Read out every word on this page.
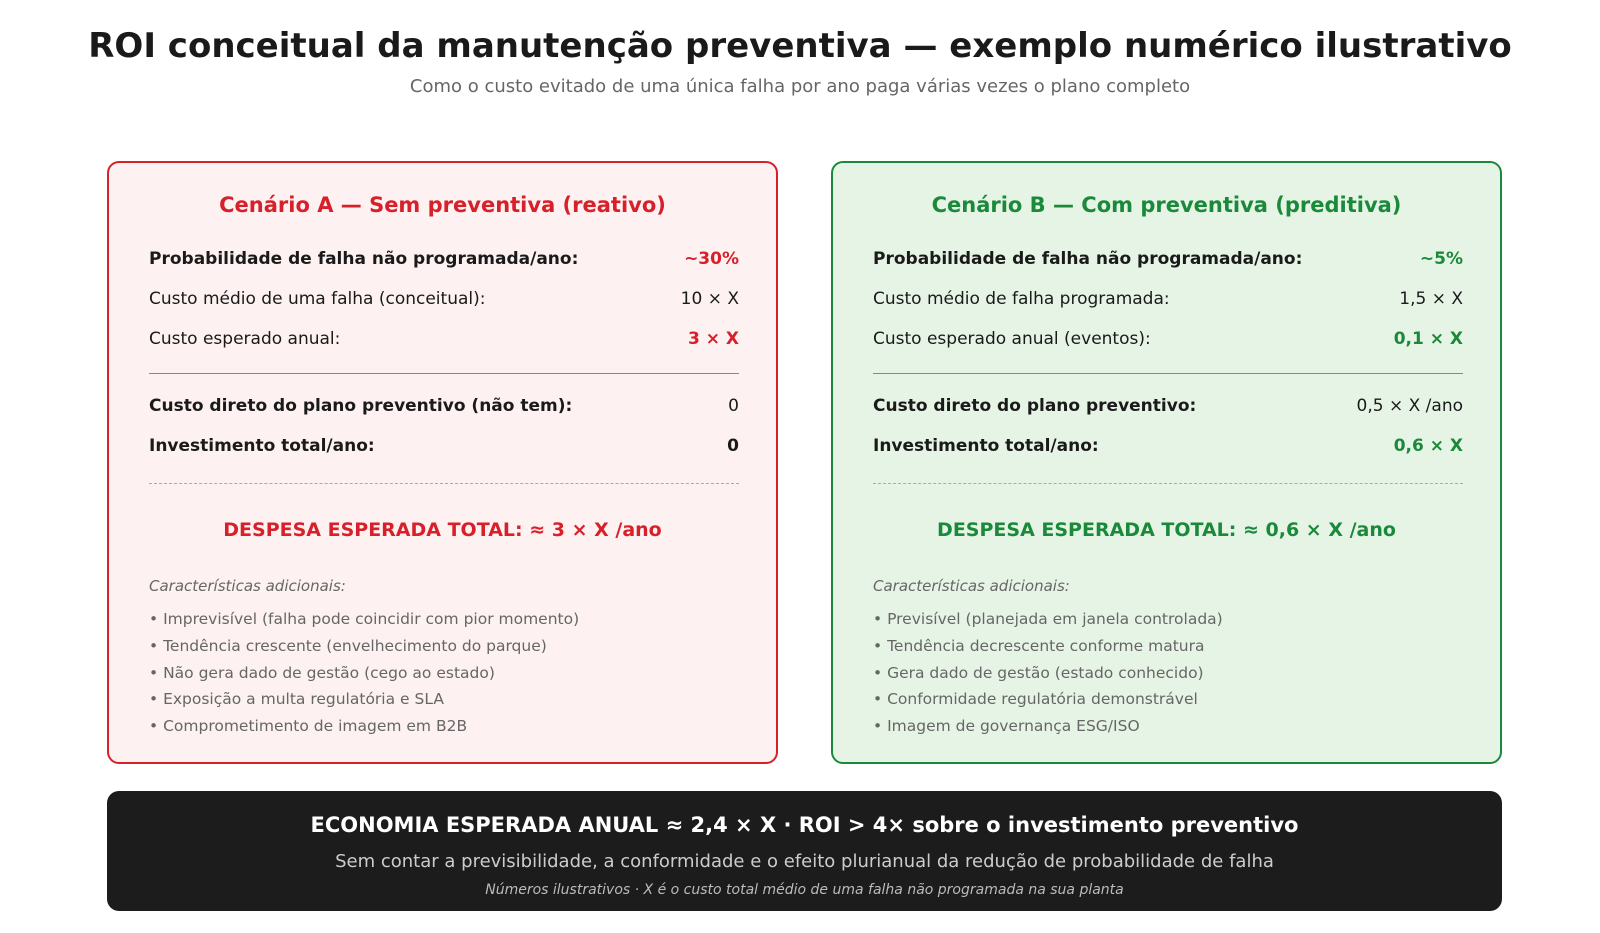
ROI conceitual da manutenção preventiva — exemplo numérico ilustrativo
Como o custo evitado de uma única falha por ano paga várias vezes o plano completo
Cenário A — Sem preventiva (reativo)
Probabilidade de falha não programada/ano:	~30%
Custo médio de uma falha (conceitual):	10 × X
Custo esperado anual:	3 × X
Custo direto do plano preventivo (não tem):	0
Investimento total/ano:	0
DESPESA ESPERADA TOTAL: ≈ 3 × X /ano
Características adicionais:
• Imprevisível (falha pode coincidir com pior momento)
• Tendência crescente (envelhecimento do parque)
• Não gera dado de gestão (cego ao estado)
• Exposição a multa regulatória e SLA
• Comprometimento de imagem em B2B
Cenário B — Com preventiva (preditiva)
Probabilidade de falha não programada/ano:	~5%
Custo médio de falha programada:	1,5 × X
Custo esperado anual (eventos):	0,1 × X
Custo direto do plano preventivo:	0,5 × X /ano
Investimento total/ano:	0,6 × X
DESPESA ESPERADA TOTAL: ≈ 0,6 × X /ano
Características adicionais:
• Previsível (planejada em janela controlada)
• Tendência decrescente conforme matura
• Gera dado de gestão (estado conhecido)
• Conformidade regulatória demonstrável
• Imagem de governança ESG/ISO
ECONOMIA ESPERADA ANUAL ≈ 2,4 × X · ROI > 4× sobre o investimento preventivo
Sem contar a previsibilidade, a conformidade e o efeito plurianual da redução de probabilidade de falha
Números ilustrativos · X é o custo total médio de uma falha não programada na sua planta
